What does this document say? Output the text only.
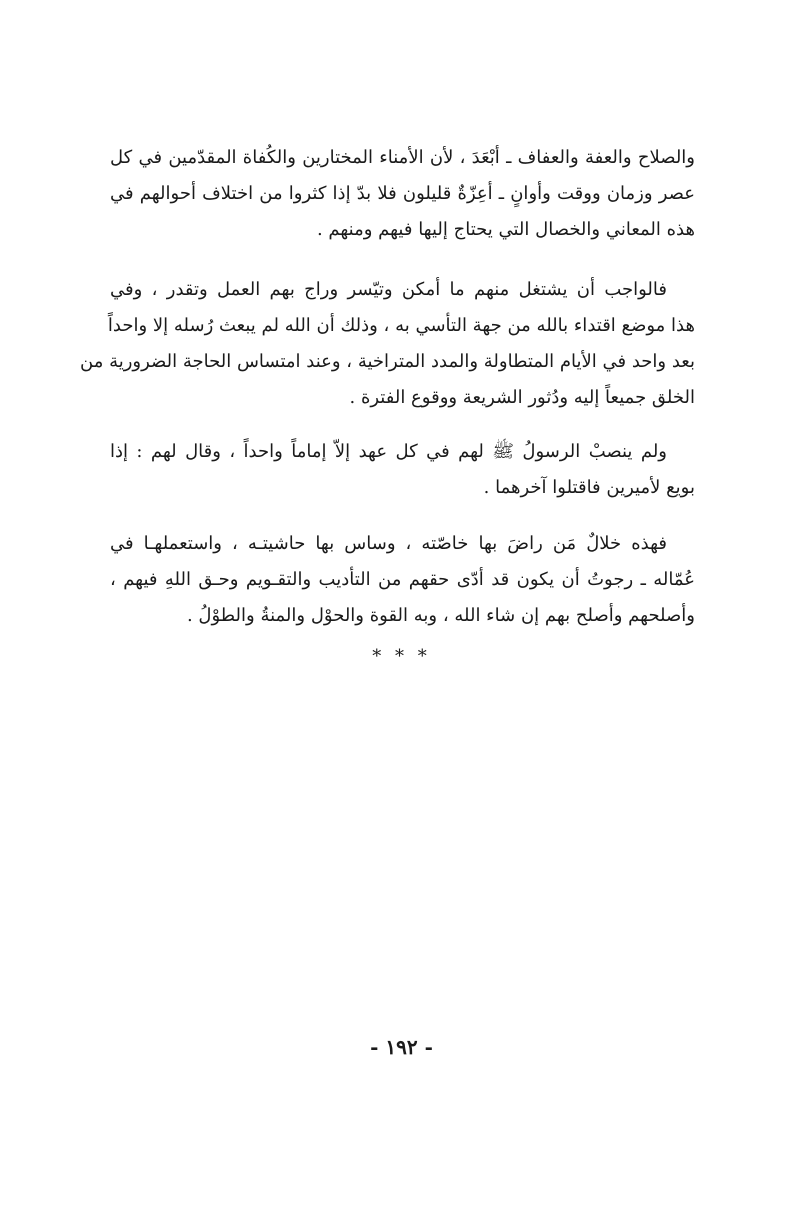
والصلاح والعفة والعفاف ـ أبْعَدَ ، لأن الأمناء المختارين والكُفاة المقدّمين في كل
عصر وزمان ووقت وأوانٍ ـ أعِزّةٌ قليلون فلا بدّ إذا كثروا من اختلاف أحوالهم في
هذه المعاني والخصال التي يحتاج إليها فيهم ومنهم .
فالواجب أن يشتغل منهم ما أمكن وتيّسر وراج بهم العمل وتقدر ، وفي
هذا موضع اقتداء بالله من جهة التأسي به ، وذلك أن الله لم يبعث رُسله إلا واحداً
بعد واحد في الأيام المتطاولة والمدد المتراخية ، وعند امتساس الحاجة الضرورية من
الخلق جميعاً إليه ودُثور الشريعة ووقوع الفترة .
ولم ينصبْ الرسولُ ﷺ لهم في كل عهد إلاّ إماماً واحداً ، وقال لهم : إذا
بويع لأميرين فاقتلوا آخرهما .
فهذه خلالٌ مَن راضَ بها خاصّته ، وساس بها حاشيتـه ، واستعملهـا في
عُمّاله ـ رجوتُ أن يكون قد أدّى حقهم من التأديب والتقـويم وحـق اللهِ فيهم ،
وأصلحهم وأصلح بهم إن شاء الله ، وبه القوة والحوْل والمنةُ والطوْلُ .
* * *
- ١٩٢ -
